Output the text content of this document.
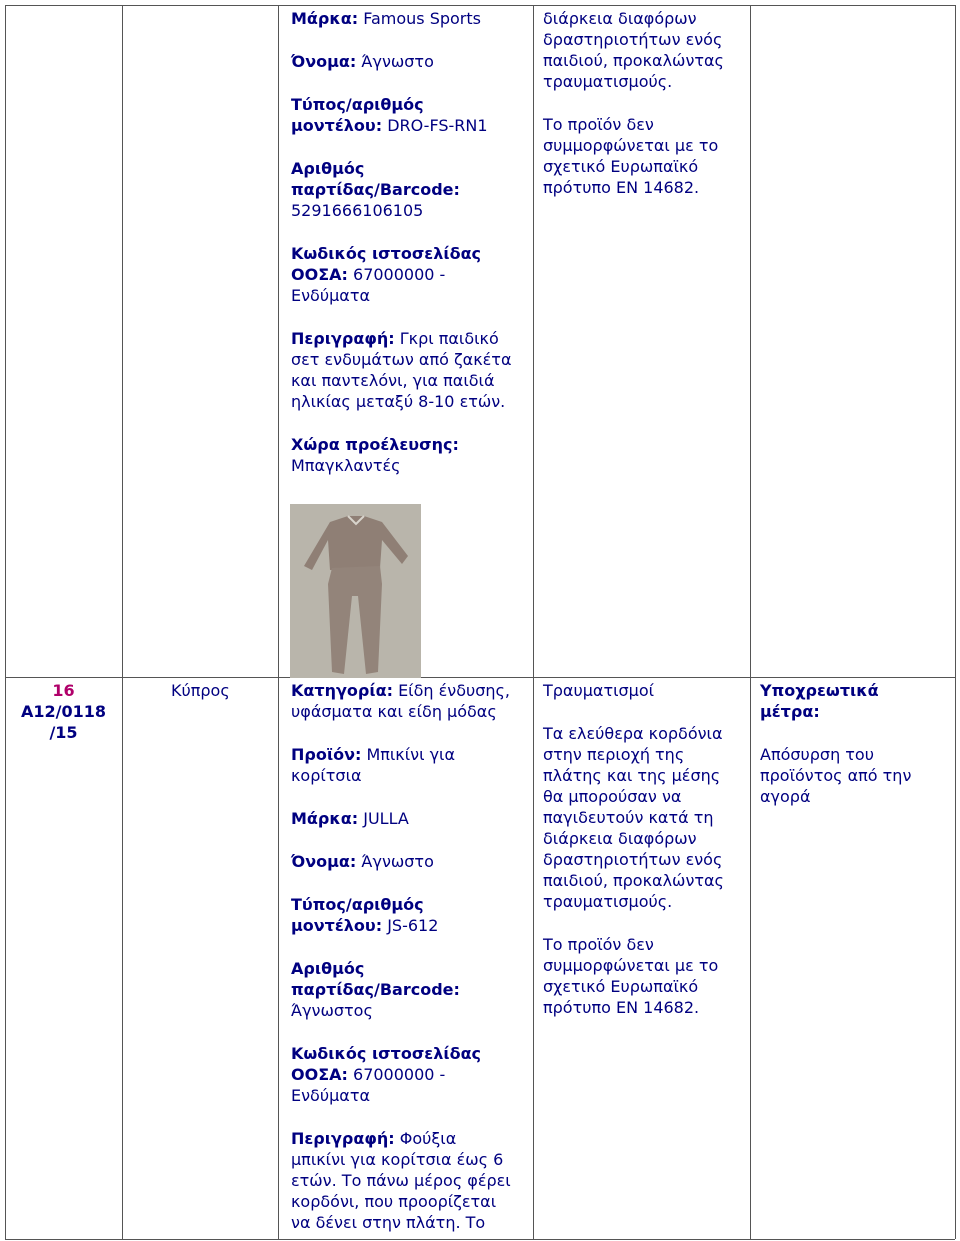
Μάρκα: Famous Sports

Όνομα: Άγνωστο

Τύπος/αριθμός
μοντέλου: DRO-FS-RN1

Αριθμός
παρτίδας/Barcode:
5291666106105

Κωδικός ιστοσελίδας
ΟΟΣΑ: 67000000 -
Ενδύματα

Περιγραφή: Γκρι παιδικό
σετ ενδυμάτων από ζακέτα
και παντελόνι, για παιδιά
ηλικίας μεταξύ 8-10 ετών.

Χώρα προέλευσης:
Μπαγκλαντές

διάρκεια διαφόρων
δραστηριοτήτων ενός
παιδιού, προκαλώντας
τραυματισμούς.

Το προϊόν δεν
συμμορφώνεται με το
σχετικό Ευρωπαϊκό
πρότυπο EN 14682.

16
A12/0118
/15
Κύπρος	Κατηγορία: Είδη ένδυσης,
υφάσματα και είδη μόδας

Προϊόν: Μπικίνι για
κορίτσια

Μάρκα: JULLA

Όνομα: Άγνωστο

Τύπος/αριθμός
μοντέλου: JS-612

Αριθμός
παρτίδας/Barcode:
Άγνωστος

Κωδικός ιστοσελίδας
ΟΟΣΑ: 67000000 -
Ενδύματα

Περιγραφή: Φούξια
μπικίνι για κορίτσια έως 6
ετών. Το πάνω μέρος φέρει
κορδόνι, που προορίζεται
να δένει στην πλάτη. Το

Τραυματισμοί

Τα ελεύθερα κορδόνια
στην περιοχή της
πλάτης και της μέσης
θα μπορούσαν να
παγιδευτούν κατά τη
διάρκεια διαφόρων
δραστηριοτήτων ενός
παιδιού, προκαλώντας
τραυματισμούς.

Το προϊόν δεν
συμμορφώνεται με το
σχετικό Ευρωπαϊκό
πρότυπο EN 14682.

Υποχρεωτικά
μέτρα:

Απόσυρση του
προϊόντος από την
αγορά
